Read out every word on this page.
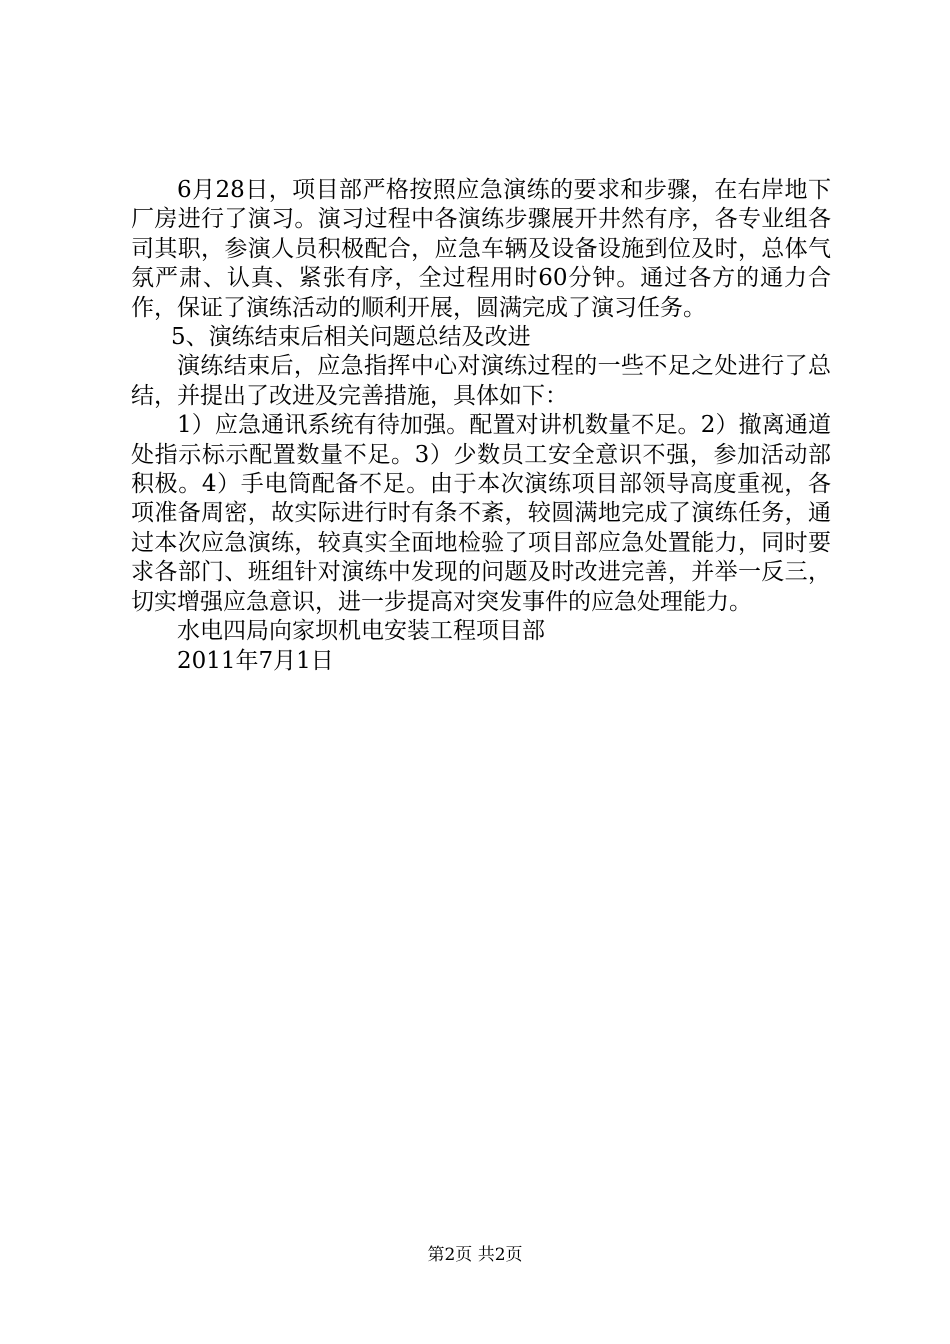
6月28日，项目部严格按照应急演练的要求和步骤，在右岸地下厂房进行了演习。演习过程中各演练步骤展开井然有序，各专业组各司其职，参演人员积极配合，应急车辆及设备设施到位及时，总体气氛严肃、认真、紧张有序，全过程用时60分钟。通过各方的通力合作，保证了演练活动的顺利开展，圆满完成了演习任务。

5、演练结束后相关问题总结及改进

演练结束后，应急指挥中心对演练过程的一些不足之处进行了总结，并提出了改进及完善措施，具体如下：

1）应急通讯系统有待加强。配置对讲机数量不足。2）撤离通道处指示标示配置数量不足。3）少数员工安全意识不强，参加活动部积极。4）手电筒配备不足。由于本次演练项目部领导高度重视，各项准备周密，故实际进行时有条不紊，较圆满地完成了演练任务，通过本次应急演练，较真实全面地检验了项目部应急处置能力，同时要求各部门、班组针对演练中发现的问题及时改进完善，并举一反三，切实增强应急意识，进一步提高对突发事件的应急处理能力。

水电四局向家坝机电安装工程项目部

2011年7月1日

第2页 共2页
